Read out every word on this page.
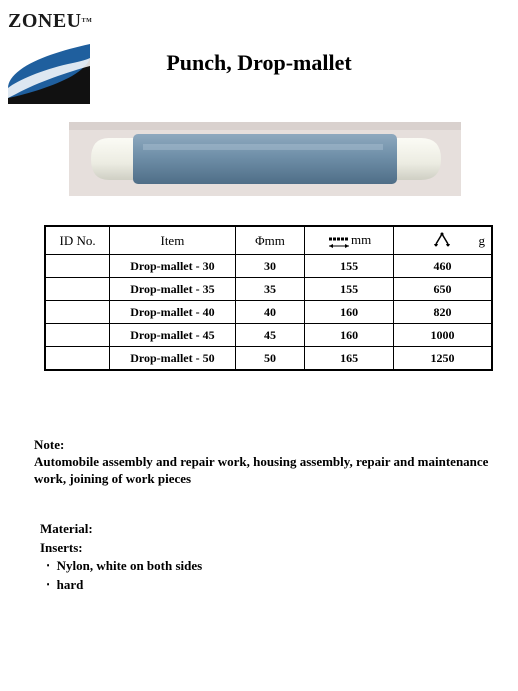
ZONEU™
Punch, Drop-mallet
ID No.	Item	Φmm	mm	g

	Drop-mallet - 30	30	155	460
	Drop-mallet - 35	35	155	650
	Drop-mallet - 40	40	160	820
	Drop-mallet - 45	45	160	1000
	Drop-mallet - 50	50	165	1250
Note:
Automobile assembly and repair work, housing assembly, repair and maintenance work, joining of work pieces
Material:
Inserts:
‧ Nylon, white on both sides
‧ hard
